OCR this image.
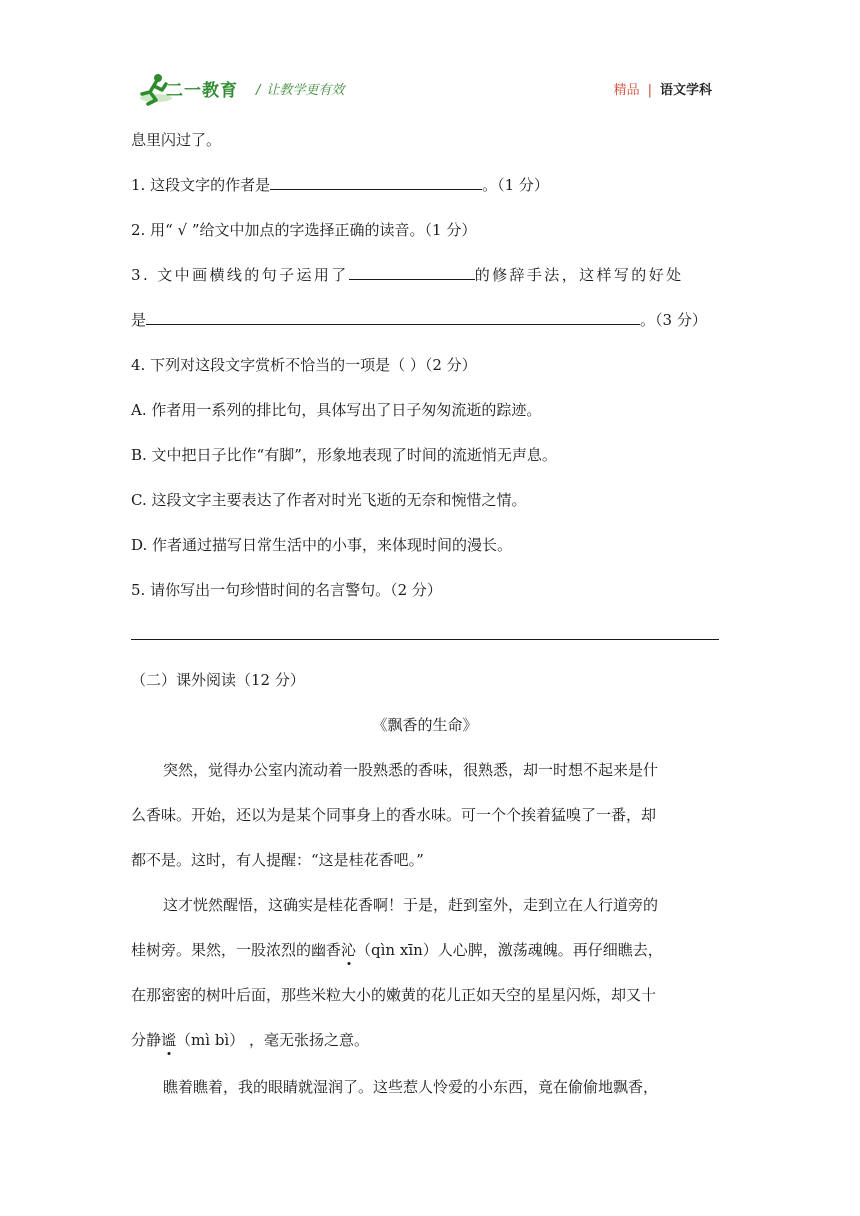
二一教育 / 让教学更有效	精品 | 语文学科
息里闪过了。
1. 这段文字的作者是	。（1 分）
2. 用“ √ ”给文中加点的字选择正确的读音。（1 分）
3. 文中画横线的句子运用了	的修辞手法，这样写的好处
是	。（3 分）
4. 下列对这段文字赏析不恰当的一项是（ ）（2 分）
A. 作者用一系列的排比句，具体写出了日子匆匆流逝的踪迹。
B. 文中把日子比作“有脚”，形象地表现了时间的流逝悄无声息。
C. 这段文字主要表达了作者对时光飞逝的无奈和惋惜之情。
D. 作者通过描写日常生活中的小事，来体现时间的漫长。
5. 请你写出一句珍惜时间的名言警句。（2 分）
（二）课外阅读（12 分）
《飘香的生命》
突然，觉得办公室内流动着一股熟悉的香味，很熟悉，却一时想不起来是什
么香味。开始，还以为是某个同事身上的香水味。可一个个挨着猛嗅了一番，却
都不是。这时，有人提醒：“这是桂花香吧。”
这才恍然醒悟，这确实是桂花香啊！于是，赶到室外，走到立在人行道旁的
桂树旁。果然，一股浓烈的幽香沁（qìn xīn）人心脾，激荡魂魄。再仔细瞧去，
在那密密的树叶后面，那些米粒大小的嫩黄的花儿正如天空的星星闪烁，却又十
分静谧（mì bì） ，毫无张扬之意。
瞧着瞧着，我的眼睛就湿润了。这些惹人怜爱的小东西，竟在偷偷地飘香，
